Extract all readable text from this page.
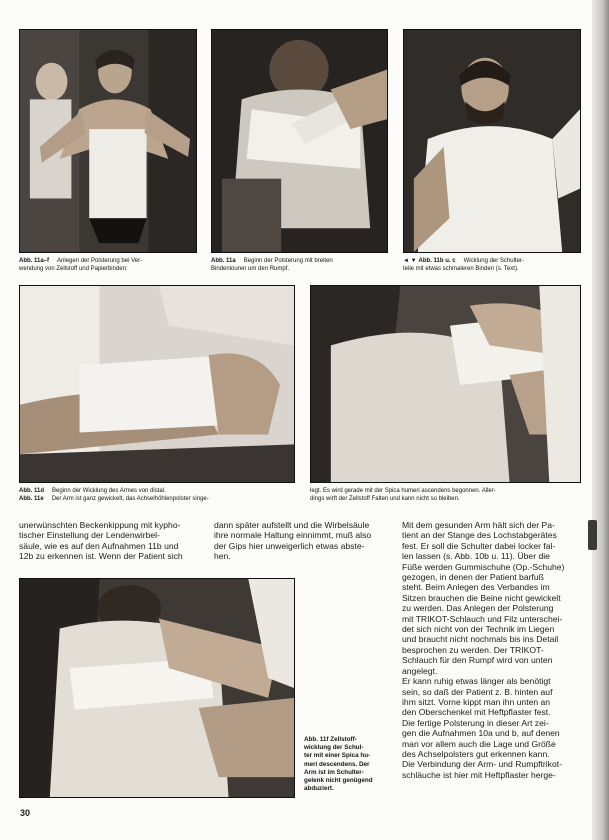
Abb. 11a–f Anlegen der Polsterung bei Ver-
wendung von Zellstoff und Papierbinden:
Abb. 11a Beginn der Polsterung mit breiten
Bindenlouren um den Rumpf.
◄ ▼ Abb. 11b u. c Wicklung der Schulter-
teile mit etwas schmaleren Binden (s. Text).
Abb. 11d Beginn der Wicklung des Armes von distal.
Abb. 11e Der Arm ist ganz gewickelt, das Achselhöhlenpolster singe-
legt. Es wird gerade mit der Spica humeri ascendens begonnen. Aller-
dings wirft der Zellstoff Falten und kann nicht so bleiben.
unerwünschten Beckenkippung mit kypho-
tischer Einstellung der Lendenwirbel-
säule, wie es auf den Aufnahmen 11b und
12b zu erkennen ist. Wenn der Patient sich
dann später aufstellt und die Wirbelsäule
ihre normale Haltung einnimmt, muß also
der Gips hier unweigerlich etwas abste-
hen.
Abb. 11f Zellstoff-
wicklung der Schul-
ter mit einer Spica hu-
meri descendens. Der
Arm ist im Schulter-
gelenk nicht genügend
abduziert.
Mit dem gesunden Arm hält sich der Pa-
tient an der Stange des Lochstabgerätes
fest. Er soll die Schulter dabei locker fal-
len lassen (s. Abb. 10b u. 11). Über die
Füße werden Gummischuhe (Op.-Schuhe)
gezogen, in denen der Patient barfuß
steht. Beim Anlegen des Verbandes im
Sitzen brauchen die Beine nicht gewickelt
zu werden. Das Anlegen der Polsterung
mit TRIKOT-Schlauch und Filz unterschei-
det sich nicht von der Technik im Liegen
und braucht nicht nochmals bis ins Detail
besprochen zu werden. Der TRIKOT-
Schlauch für den Rumpf wird von unten
angelegt.
Er kann ruhig etwas länger als benötigt
sein, so daß der Patient z. B. hinten auf
ihm sitzt. Vorne kippt man ihn unten an
den Oberschenkel mit Heftpflaster fest.
Die fertige Polsterung in dieser Art zei-
gen die Aufnahmen 10a und b, auf denen
man vor allem auch die Lage und Größe
des Achselpolsters gut erkennen kann.
Die Verbindung der Arm- und Rumpftrikot-
schläuche ist hier mit Heftpflaster herge-
30
